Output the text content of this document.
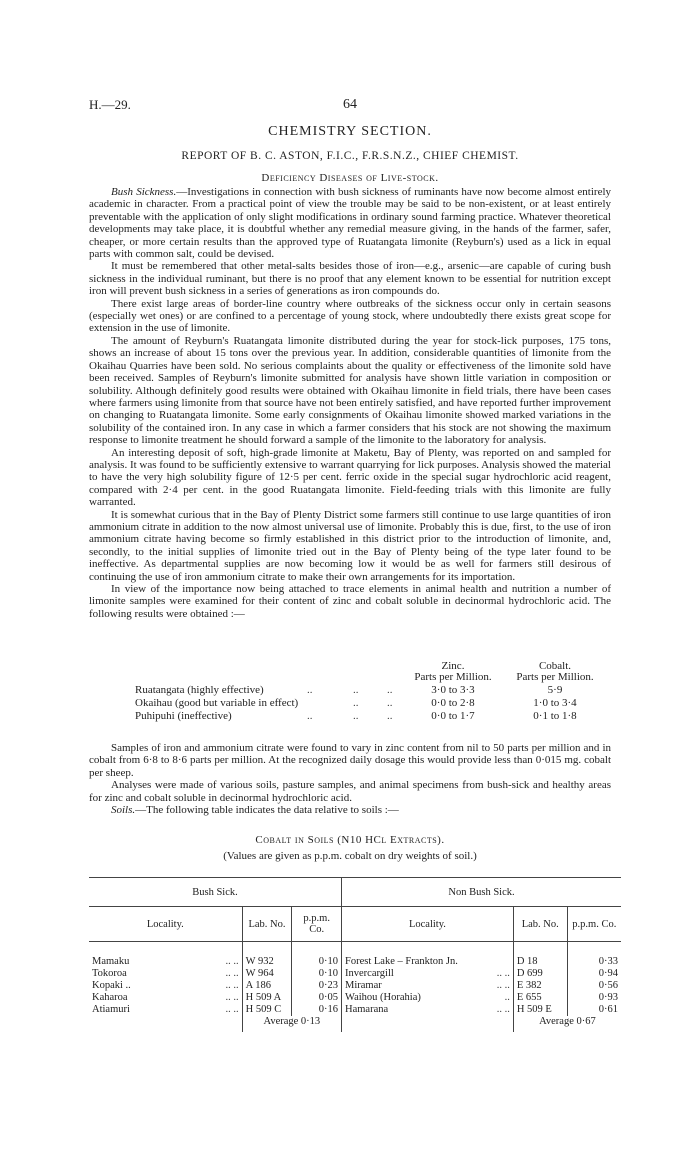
H.—29.	64
CHEMISTRY SECTION.
REPORT OF B. C. ASTON, F.I.C., F.R.S.N.Z., CHIEF CHEMIST.
Deficiency Diseases of Live-stock.

Bush Sickness.—Investigations in connection with bush sickness of ruminants have now become almost entirely academic in character. From a practical point of view the trouble may be said to be non-existent, or at least entirely preventable with the application of only slight modifications in ordinary sound farming practice. Whatever theoretical developments may take place, it is doubtful whether any remedial measure giving, in the hands of the farmer, safer, cheaper, or more certain results than the approved type of Ruatangata limonite (Reyburn's) used as a lick in equal parts with common salt, could be devised.

It must be remembered that other metal-salts besides those of iron—e.g., arsenic—are capable of curing bush sickness in the individual ruminant, but there is no proof that any element known to be essential for nutrition except iron will prevent bush sickness in a series of generations as iron compounds do.

There exist large areas of border-line country where outbreaks of the sickness occur only in certain seasons (especially wet ones) or are confined to a percentage of young stock, where undoubtedly there exists great scope for extension in the use of limonite.

The amount of Reyburn's Ruatangata limonite distributed during the year for stock-lick purposes, 175 tons, shows an increase of about 15 tons over the previous year. In addition, considerable quantities of limonite from the Okaihau Quarries have been sold. No serious complaints about the quality or effectiveness of the limonite sold have been received. Samples of Reyburn's limonite submitted for analysis have shown little variation in composition or solubility. Although definitely good results were obtained with Okaihau limonite in field trials, there have been cases where farmers using limonite from that source have not been entirely satisfied, and have reported further improvement on changing to Ruatangata limonite. Some early consignments of Okaihau limonite showed marked variations in the solubility of the contained iron. In any case in which a farmer considers that his stock are not showing the maximum response to limonite treatment he should forward a sample of the limonite to the laboratory for analysis.

An interesting deposit of soft, high-grade limonite at Maketu, Bay of Plenty, was reported on and sampled for analysis. It was found to be sufficiently extensive to warrant quarrying for lick purposes. Analysis showed the material to have the very high solubility figure of 12·5 per cent. ferric oxide in the special sugar hydrochloric acid reagent, compared with 2·4 per cent. in the good Ruatangata limonite. Field-feeding trials with this limonite are fully warranted.

It is somewhat curious that in the Bay of Plenty District some farmers still continue to use large quantities of iron ammonium citrate in addition to the now almost universal use of limonite. Probably this is due, first, to the use of iron ammonium citrate having become so firmly established in this district prior to the introduction of limonite, and, secondly, to the initial supplies of limonite tried out in the Bay of Plenty being of the type later found to be ineffective. As departmental supplies are now becoming low it would be as well for farmers still desirous of continuing the use of iron ammonium citrate to make their own arrangements for its importation.

In view of the importance now being attached to trace elements in animal health and nutrition a number of limonite samples were examined for their content of zinc and cobalt soluble in decinormal hydrochloric acid. The following results were obtained :—

Zinc.	Cobalt.
Parts per Million.	Parts per Million.
Ruatangata (highly effective)	..	..	..	3·0 to 3·3	5·9
Okaihau (good but variable in effect)	..	..	0·0 to 2·8	1·0 to 3·4
Puhipuhi (ineffective)	..	..	..	0·0 to 1·7	0·1 to 1·8

Samples of iron and ammonium citrate were found to vary in zinc content from nil to 50 parts per million and in cobalt from 6·8 to 8·6 parts per million. At the recognized daily dosage this would provide less than 0·015 mg. cobalt per sheep.

Analyses were made of various soils, pasture samples, and animal specimens from bush-sick and healthy areas for zinc and cobalt soluble in decinormal hydrochloric acid.

Soils.—The following table indicates the data relative to soils :—

Cobalt in Soils (N10 HCl Extracts).
(Values are given as p.p.m. cobalt on dry weights of soil.)
Bush Sick.			Non Bush Sick.		
Locality.	Lab. No.	p.p.m. Co.	Locality.	Lab. No.	p.p.m. Co.

Mamaku .. ..	W 932	0·10	Forest Lake – Frankton Jn.	D 18	0·33
Tokoroa .. ..	W 964	0·10	Invercargill .. ..	D 699	0·94
Kopaki .. .. ..	A 186	0·23	Miramar .. ..	E 382	0·56
Kaharoa .. ..	H 509 A	0·05	Waihou (Horahia) ..	E 655	0·93
Atiamuri .. ..	H 509 C	0·16	Hamarana .. ..	H 509 E	0·61
	Average 0·13			Average 0·67	
